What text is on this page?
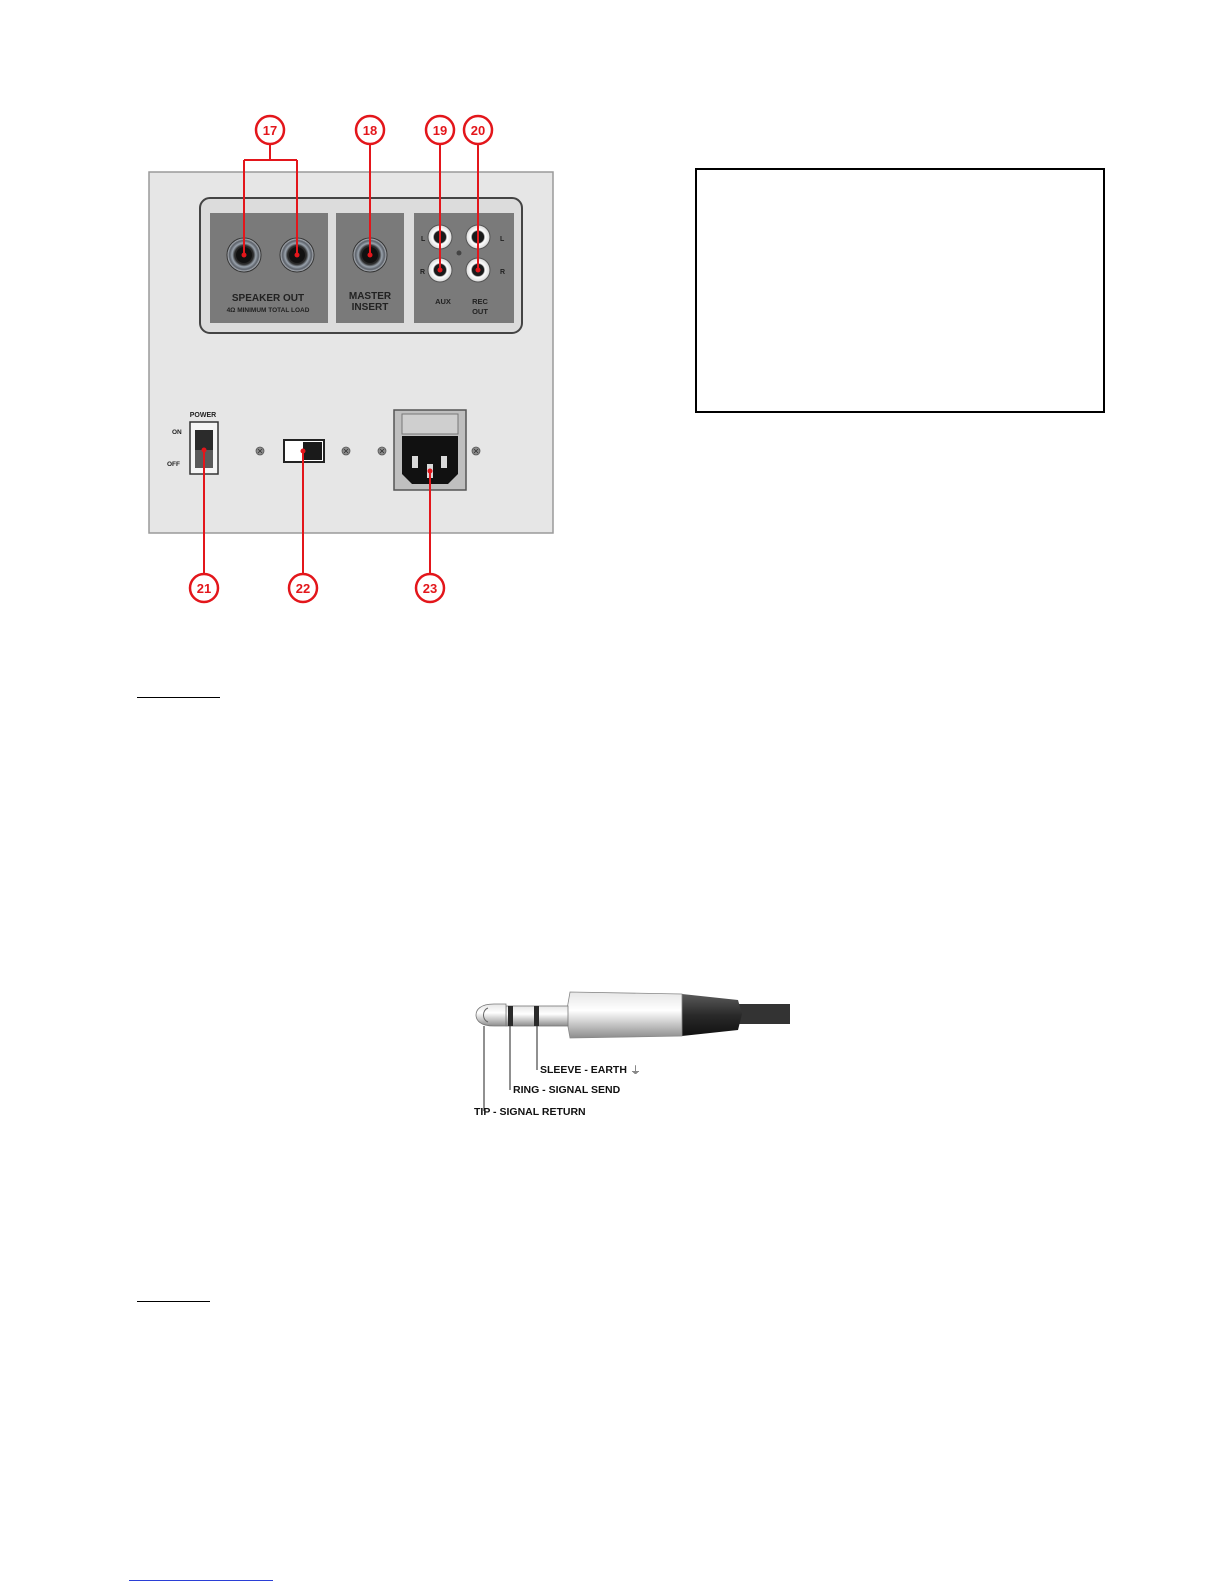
SPEAKER OUT
4Ω MINIMUM TOTAL LOAD
MASTER
INSERT
L
R
L
R
AUX	REC
OUT
POWER
ON
OFF
17	18	19 20
21	22	23
SLEEVE - EARTH ⏚
RING - SIGNAL SEND
TIP - SIGNAL RETURN
